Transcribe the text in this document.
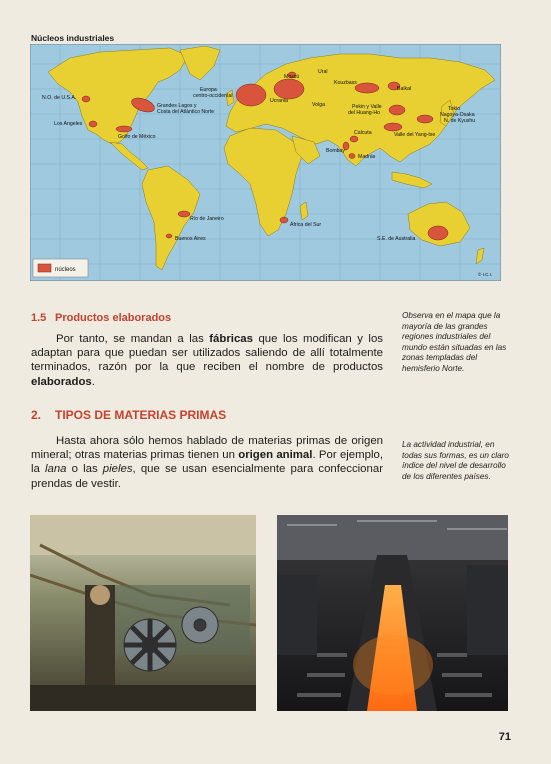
Núcleos industriales
N.O. de U.S.A.
Los Angeles
Golfo de México
Grandes Lagos y
Costa del Atlántico Norte
Europa
centro-occidental
Moscú
Ural
Ucrania
Volga
Kouzbass
Baikal
Pekin y Valle
del Huang-Ho
Tokio
Nagoya-Osaka
N. de Kyushu
Calcuta	Valle del Yang-tse
Bombay
Madrás
Río de Janeiro
Buenos Aires
África del Sur
S.E. de Australia
núcleos
© I.C.I.
1.5 Productos elaborados

Por tanto, se mandan a las fábricas que los modifican y los adaptan para que puedan ser utilizados saliendo de allí totalmente terminados, razón por la que reciben el nombre de productos elaborados.

Observa en el mapa que la mayoría de las grandes regiones industriales del mundo están situadas en las zonas templadas del hemisferio Norte.
2. TIPOS DE MATERIAS PRIMAS

Hasta ahora sólo hemos hablado de materias primas de origen mineral; otras materias primas tienen un origen animal. Por ejemplo, la lana o las pieles, que se usan esencialmente para confeccionar prendas de vestir.

La actividad industrial, en todas sus formas, es un claro índice del nivel de desarrollo de los diferentes países.
71
